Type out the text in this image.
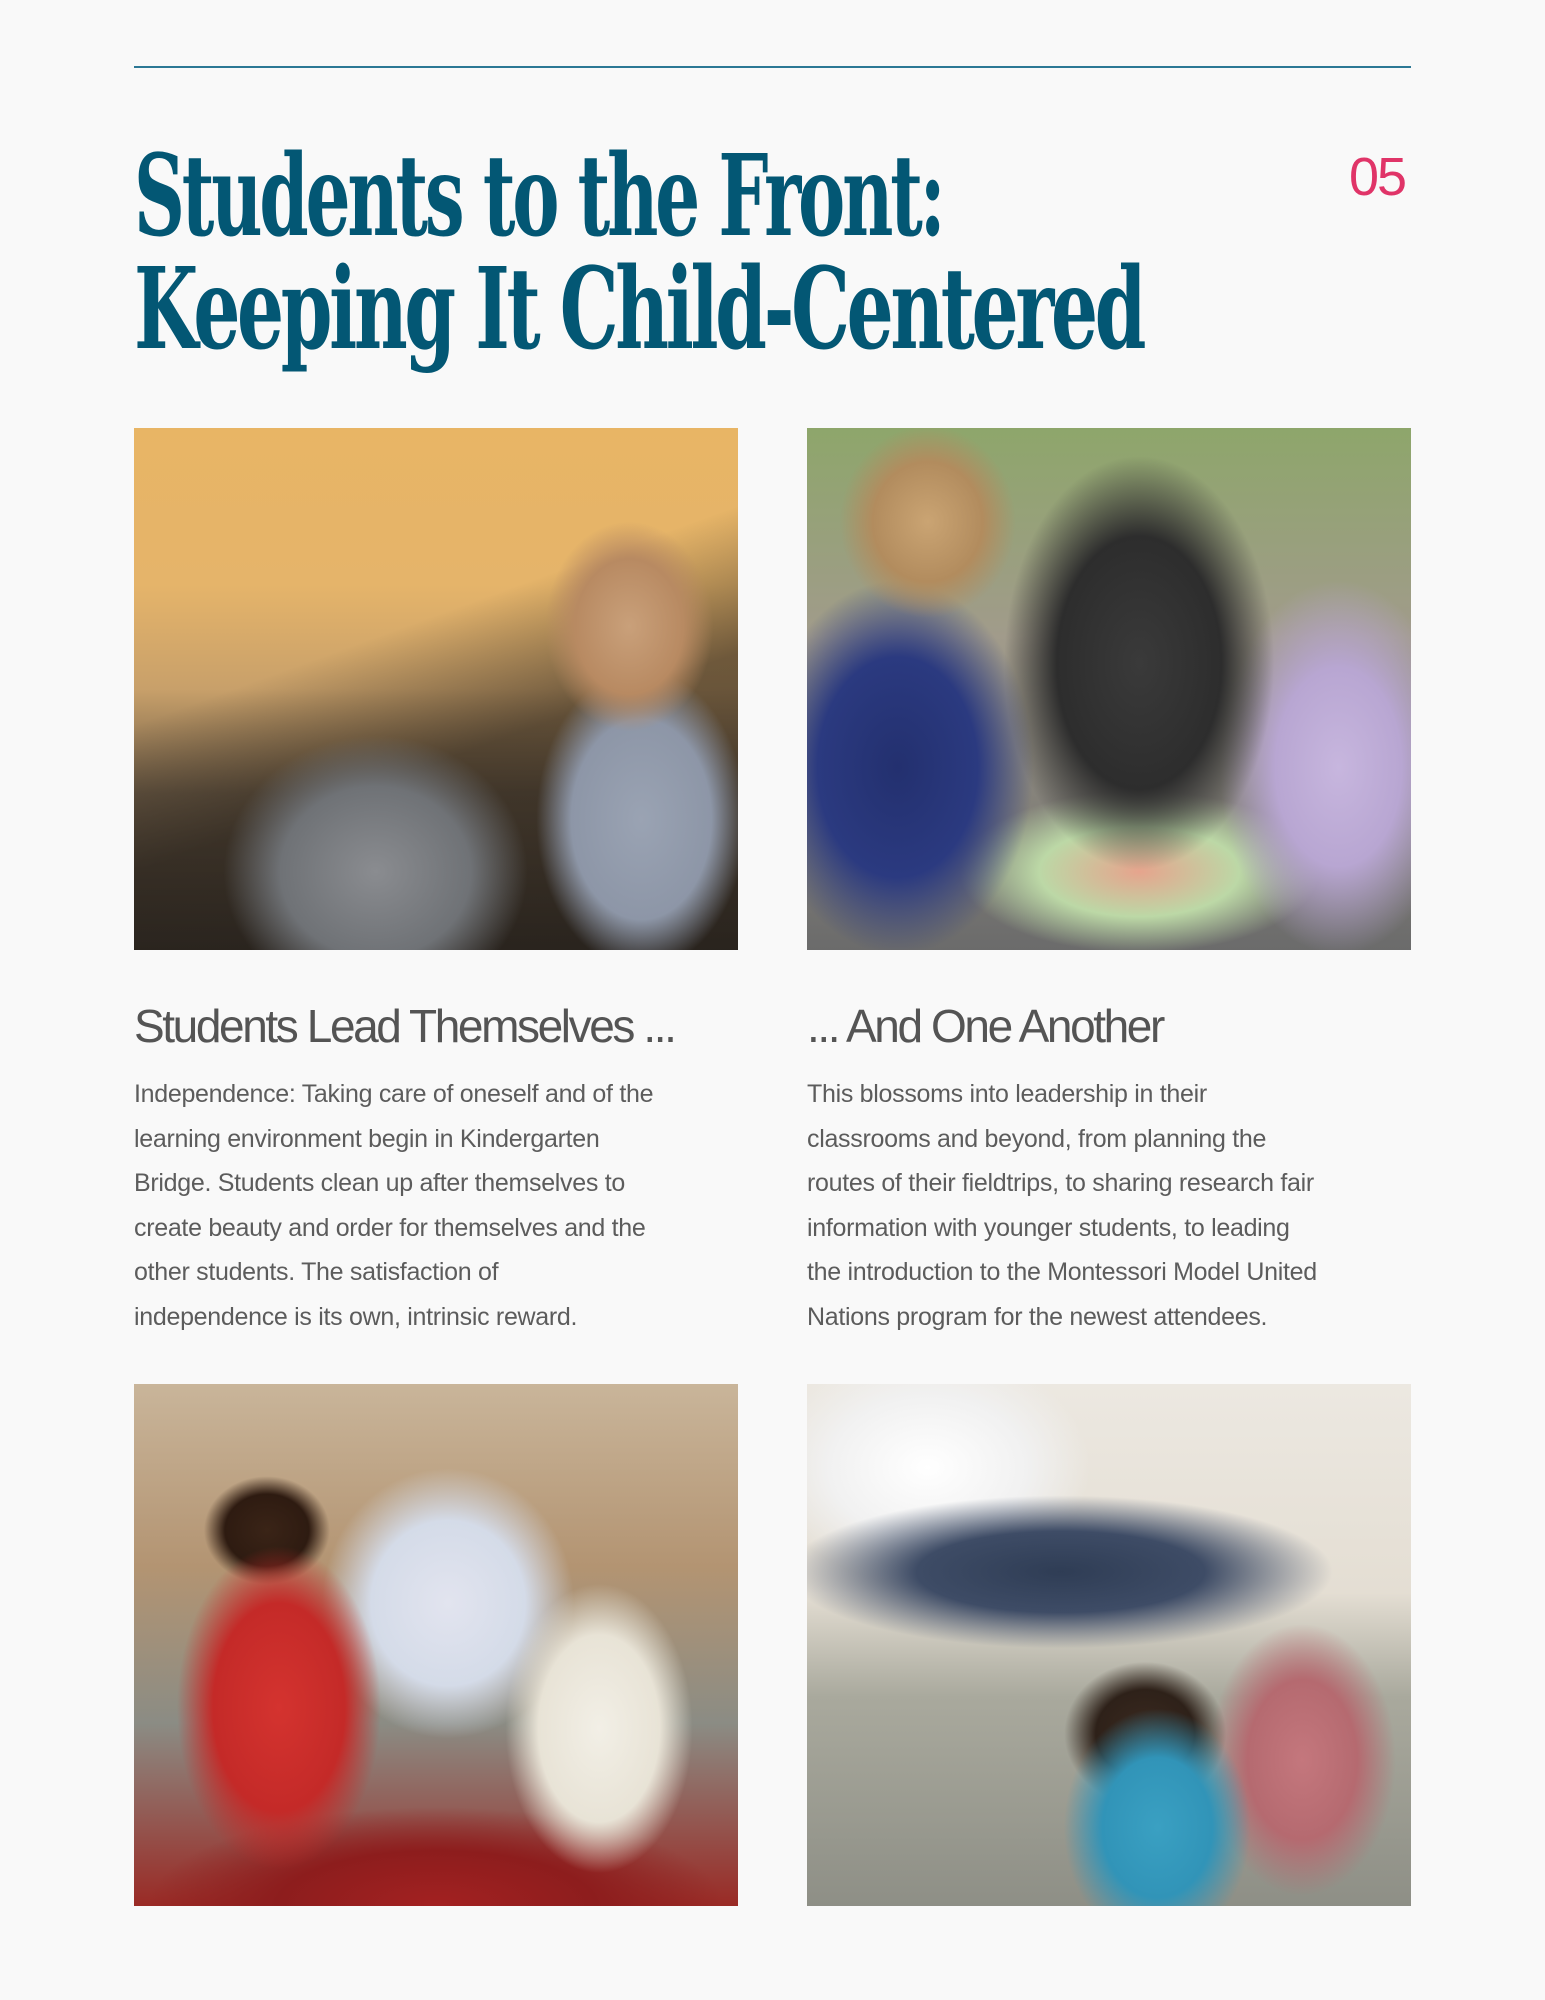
05
Students to the Front:
Keeping It Child-Centered
Students Lead Themselves ...

Independence: Taking care of oneself and of the
learning environment begin in Kindergarten
Bridge. Students clean up after themselves to
create beauty and order for themselves and the
other students. The satisfaction of
independence is its own, intrinsic reward.

... And One Another

This blossoms into leadership in their
classrooms and beyond, from planning the
routes of their fieldtrips, to sharing research fair
information with younger students, to leading
the introduction to the Montessori Model United
Nations program for the newest attendees.
